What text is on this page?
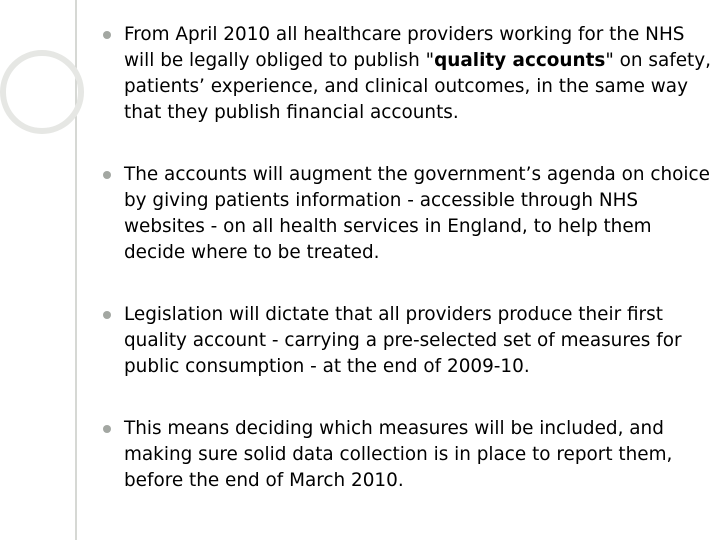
From April 2010 all healthcare providers working for the NHS will be legally obliged to publish "quality accounts" on safety, patients’ experience, and clinical outcomes, in the same way that they publish financial accounts.
The accounts will augment the government’s agenda on choice by giving patients information - accessible through NHS websites - on all health services in England, to help them decide where to be treated.
Legislation will dictate that all providers produce their first quality account - carrying a pre-selected set of measures for public consumption - at the end of 2009-10.
This means deciding which measures will be included, and making sure solid data collection is in place to report them, before the end of March 2010.
